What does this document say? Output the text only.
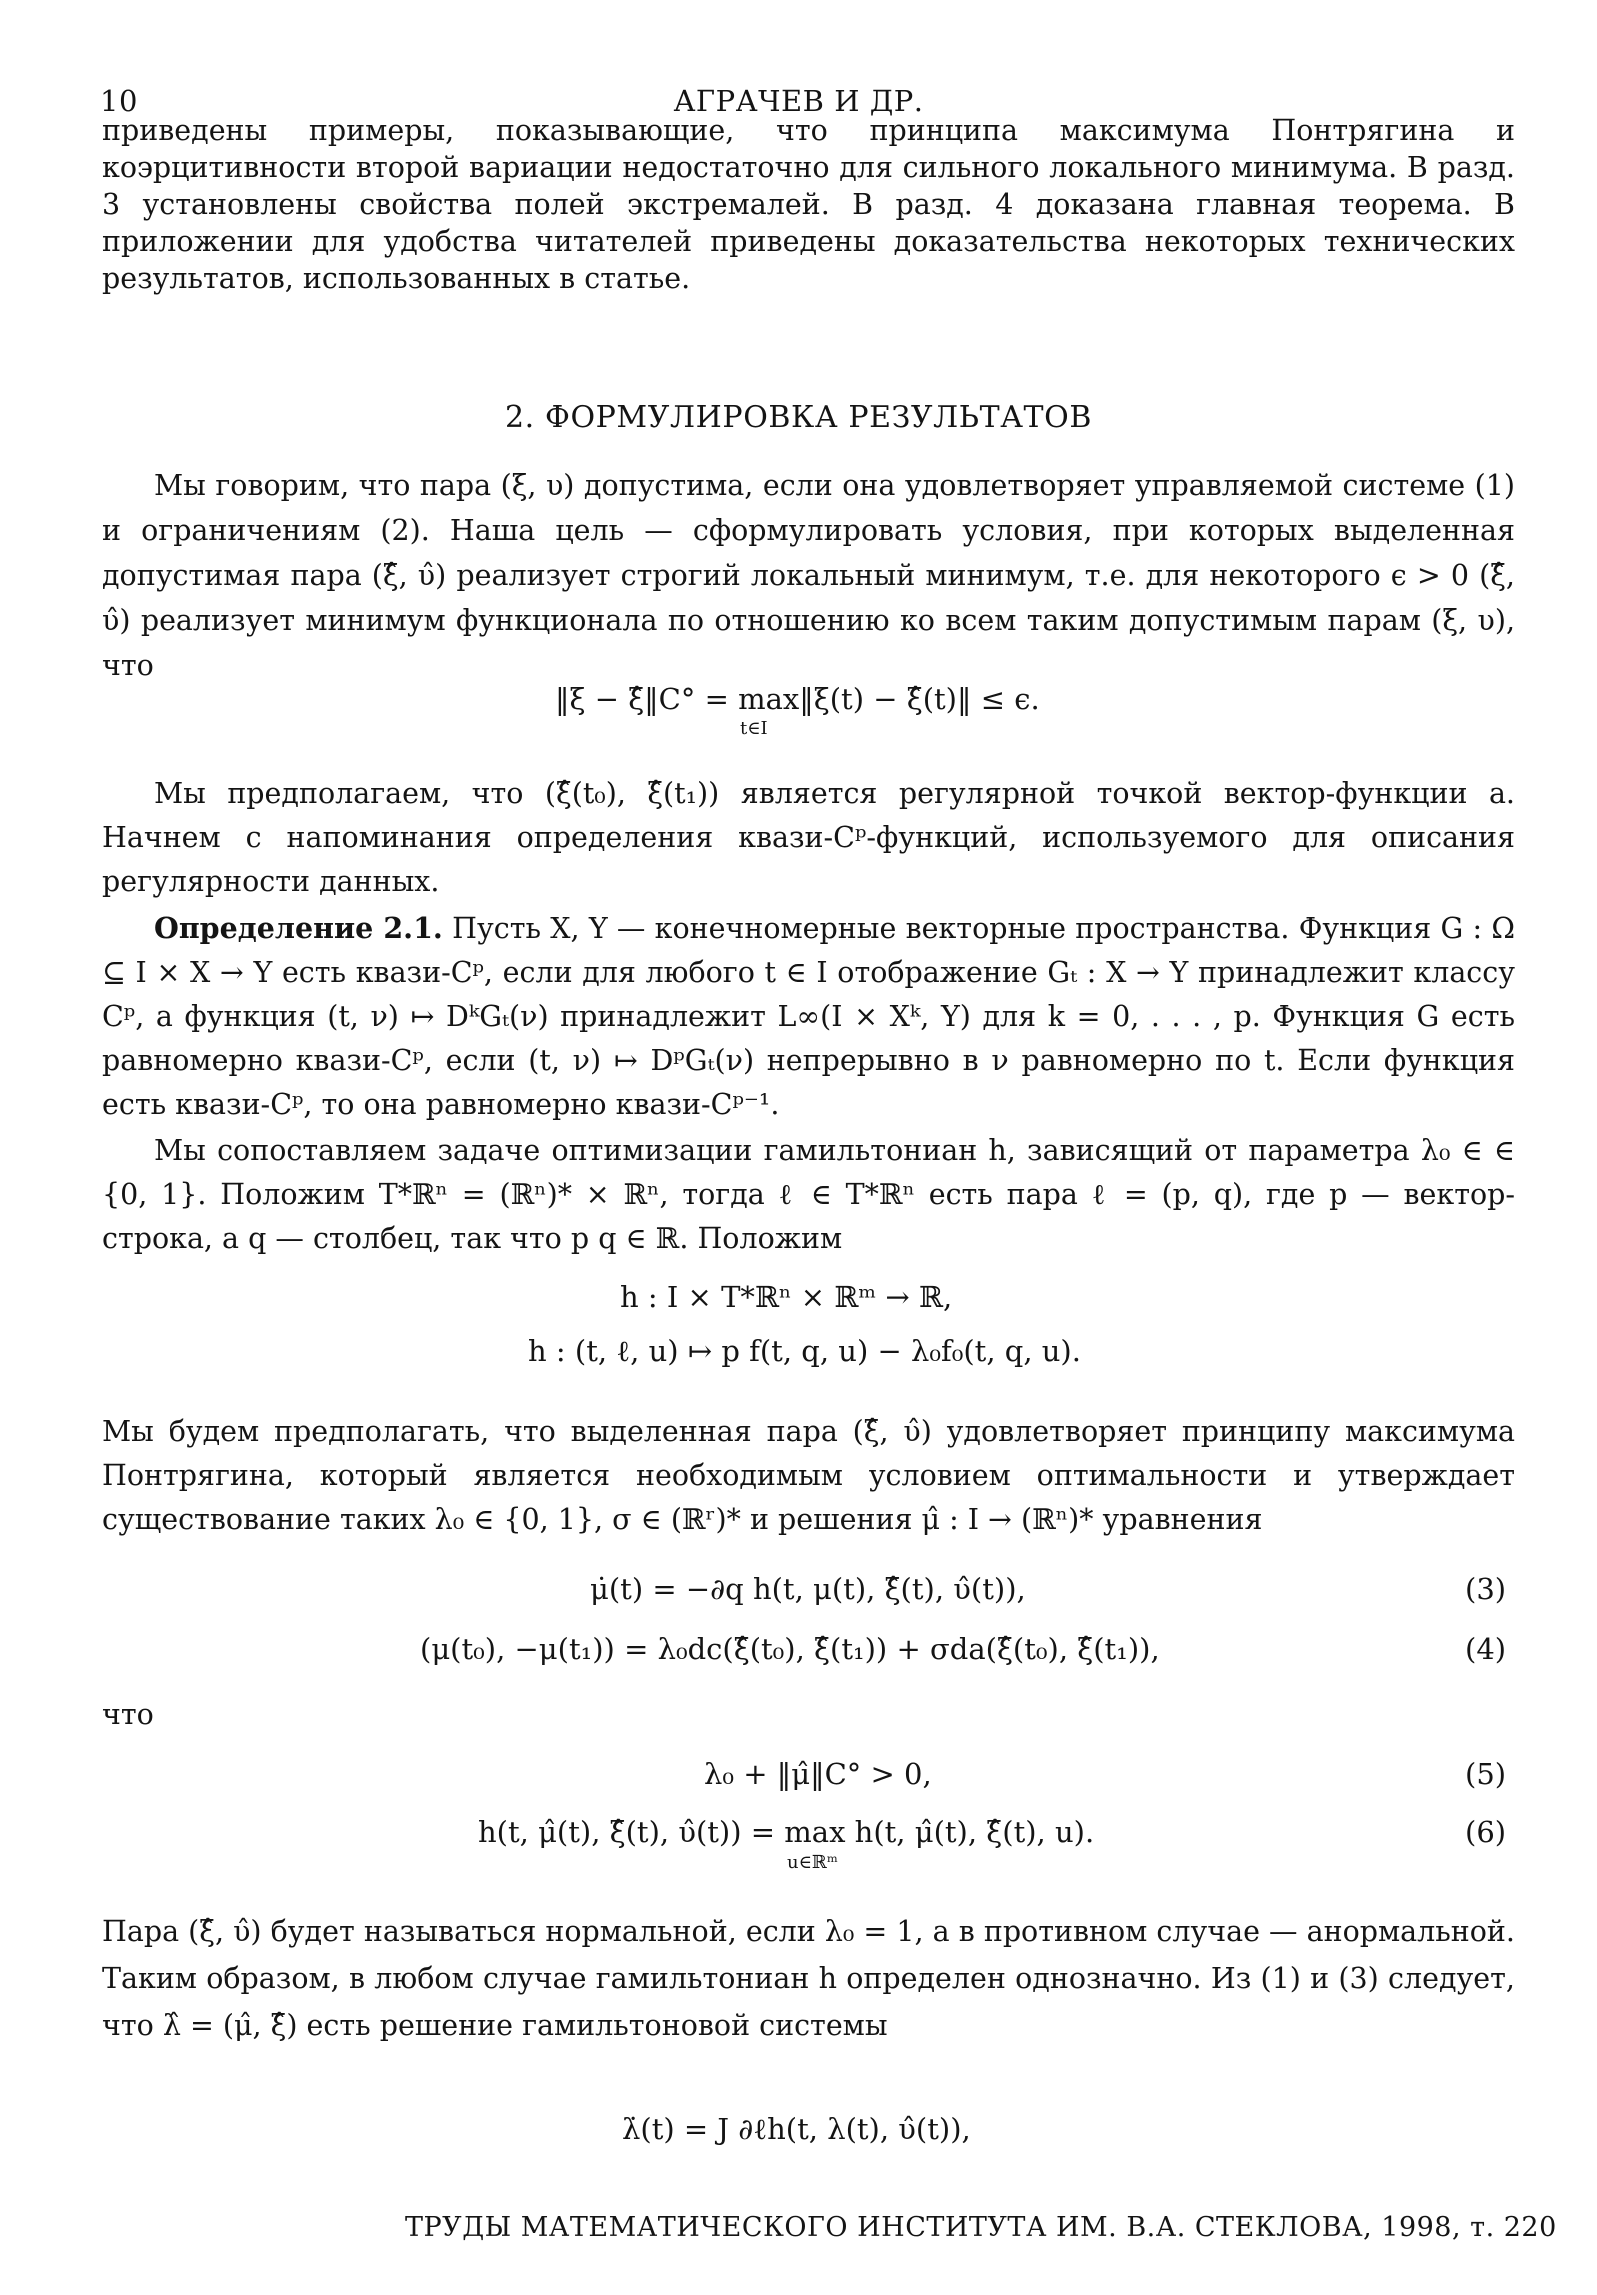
10	АГРАЧЕВ И ДР.
приведены примеры, показывающие, что принципа максимума Понтрягина и коэрцитивности второй вариации недостаточно для сильного локального минимума. В разд. 3 установлены свойства полей экстремалей. В разд. 4 доказана главная теорема. В приложении для удобства читателей приведены доказательства некоторых технических результатов, использованных в статье.
2. ФОРМУЛИРОВКА РЕЗУЛЬТАТОВ
Мы говорим, что пара (ξ, υ) допустима, если она удовлетворяет управляемой системе (1) и ограничениям (2). Наша цель — сформулировать условия, при которых выделенная допустимая пара (ξ̂, υ̂) реализует строгий локальный минимум, т.е. для некоторого ϵ > 0 (ξ̂, υ̂) реализует минимум функционала по отношению ко всем таким допустимым парам (ξ, υ), что
‖ξ − ξ̂‖C° = max‖ξ(t) − ξ̂(t)‖ ≤ ϵ.
t∈I
Мы предполагаем, что (ξ̂(t₀), ξ̂(t₁)) является регулярной точкой вектор-функции a. Начнем с напоминания определения квази-Cᵖ-функций, используемого для описания регулярности данных.
Определение 2.1. Пусть X, Y — конечномерные векторные пространства. Функция G : Ω ⊆ I × X → Y есть квази-Cᵖ, если для любого t ∈ I отображение Gₜ : X → Y принадлежит классу Cᵖ, а функция (t, ν) ↦ DᵏGₜ(ν) принадлежит L∞(I × Xᵏ, Y) для k = 0, . . . , p. Функция G есть равномерно квази-Cᵖ, если (t, ν) ↦ DᵖGₜ(ν) непрерывно в ν равномерно по t. Если функция есть квази-Cᵖ, то она равномерно квази-Cᵖ⁻¹.
Мы сопоставляем задаче оптимизации гамильтониан h, зависящий от параметра λ₀ ∈ ∈ {0, 1}. Положим T*ℝⁿ = (ℝⁿ)* × ℝⁿ, тогда ℓ ∈ T*ℝⁿ есть пара ℓ = (p, q), где p — вектор-строка, а q — столбец, так что p q ∈ ℝ. Положим
h : I × T*ℝⁿ × ℝᵐ → ℝ,
h : (t, ℓ, u) ↦ p f(t, q, u) − λ₀f₀(t, q, u).
Мы будем предполагать, что выделенная пара (ξ̂, υ̂) удовлетворяет принципу максимума Понтрягина, который является необходимым условием оптимальности и утверждает существование таких λ₀ ∈ {0, 1}, σ ∈ (ℝʳ)* и решения μ̂ : I → (ℝⁿ)* уравнения
μ̇(t) = −∂q h(t, μ(t), ξ̂(t), υ̂(t)),	(3)
(μ(t₀), −μ(t₁)) = λ₀dc(ξ̂(t₀), ξ̂(t₁)) + σda(ξ̂(t₀), ξ̂(t₁)),	(4)
что
λ₀ + ‖μ̂‖C° > 0,	(5)
h(t, μ̂(t), ξ̂(t), υ̂(t)) = max h(t, μ̂(t), ξ̂(t), u).
u∈ℝᵐ
(6)
Пара (ξ̂, υ̂) будет называться нормальной, если λ₀ = 1, а в противном случае — анормальной. Таким образом, в любом случае гамильтониан h определен однозначно. Из (1) и (3) следует, что λ̂ = (μ̂, ξ̂) есть решение гамильтоновой системы
λ̇(t) = J ∂ℓh(t, λ(t), υ̂(t)),
ТРУДЫ МАТЕМАТИЧЕСКОГО ИНСТИТУТА ИМ. В.А. СТЕКЛОВА, 1998, т. 220
